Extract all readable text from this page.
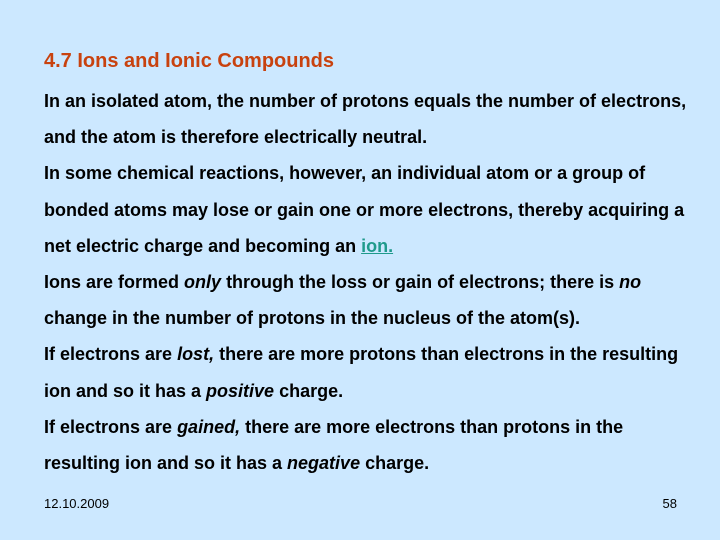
4.7 Ions and Ionic Compounds

In an isolated atom, the number of protons equals the number of electrons, and the atom is therefore electrically neutral.

In some chemical reactions, however, an individual atom or a group of bonded atoms may lose or gain one or more electrons, thereby acquiring a net electric charge and becoming an ion.

Ions are formed only through the loss or gain of electrons; there is no change in the number of protons in the nucleus of the atom(s).

If electrons are lost, there are more protons than electrons in the resulting ion and so it has a positive charge.

If electrons are gained, there are more electrons than protons in the resulting ion and so it has a negative charge.

12.10.2009	58
